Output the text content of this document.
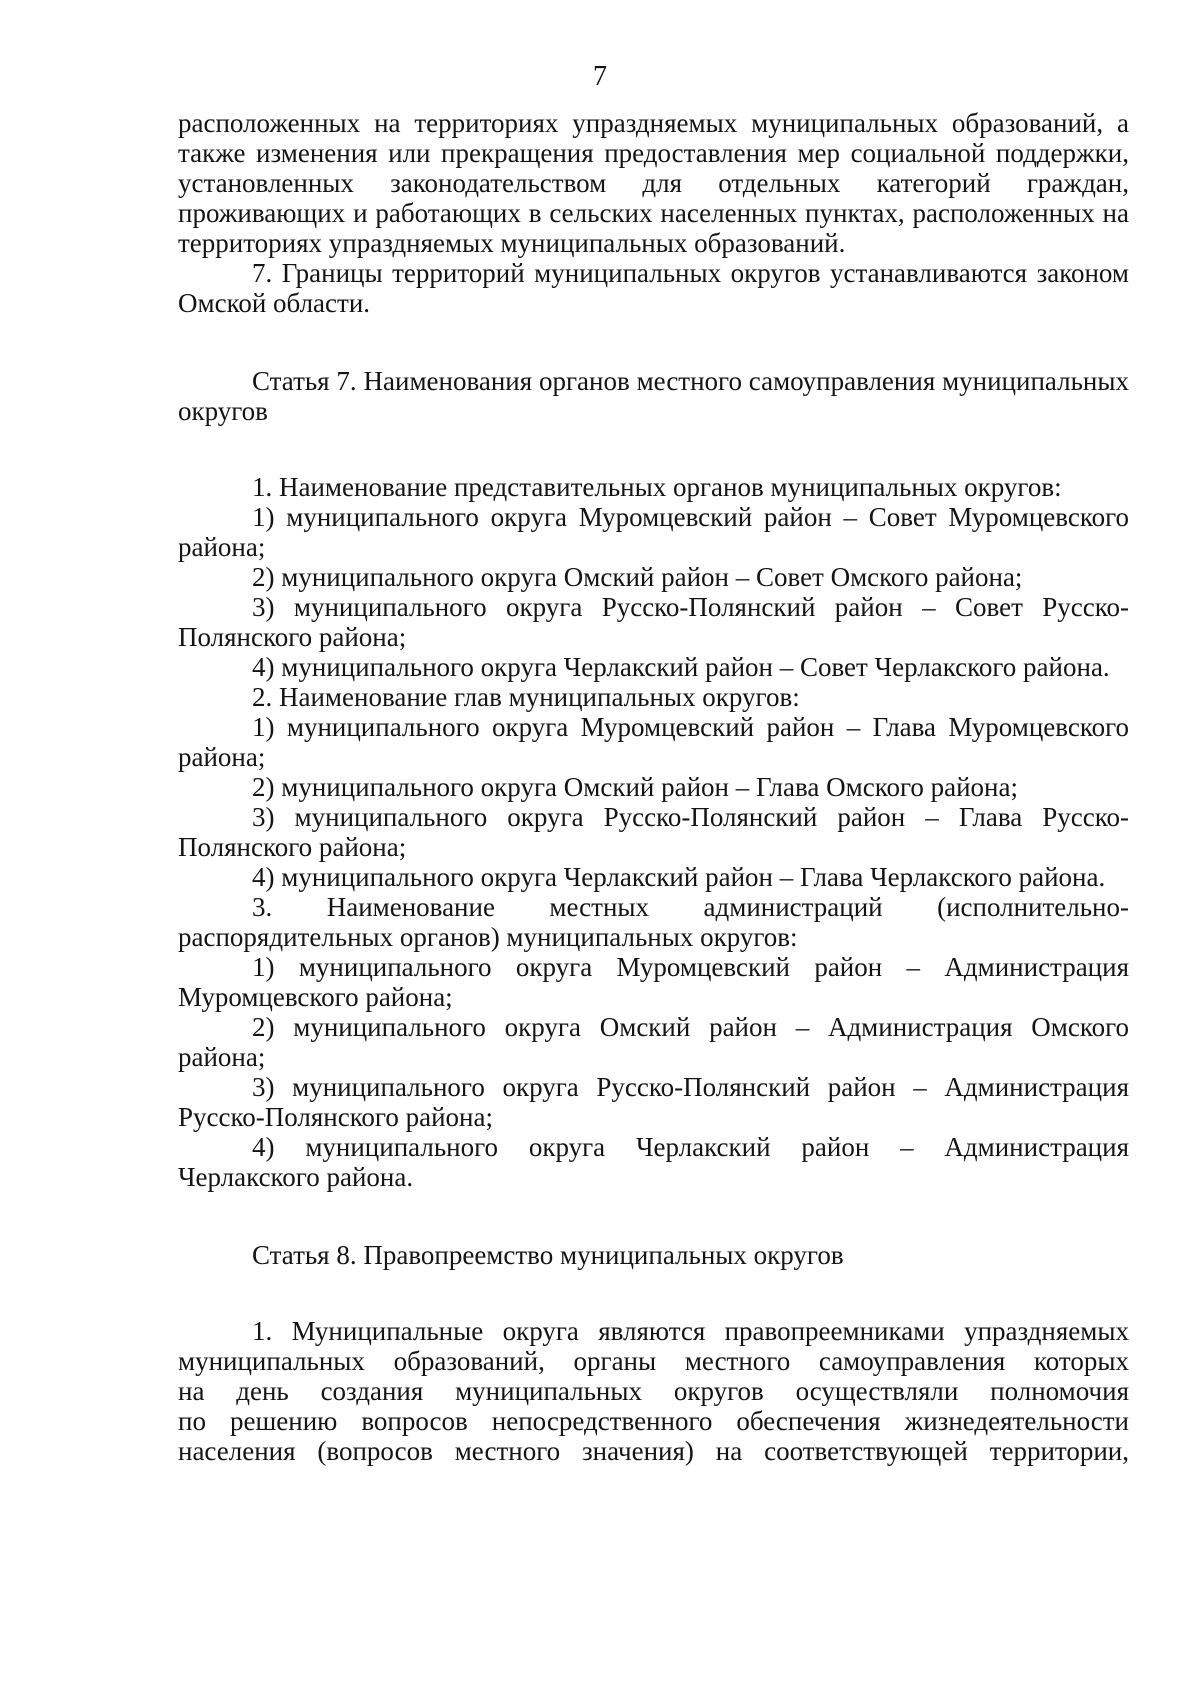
7

расположенных на территориях упраздняемых муниципальных образований, а также изменения или прекращения предоставления мер социальной поддержки, установленных законодательством для отдельных категорий граждан, проживающих и работающих в сельских населенных пунктах, расположенных на территориях упраздняемых муниципальных образований.

7. Границы территорий муниципальных округов устанавливаются законом Омской области.

Статья 7. Наименования органов местного самоуправления муниципальных округов

1. Наименование представительных органов муниципальных округов:

1) муниципального округа Муромцевский район – Совет Муромцевского района;

2) муниципального округа Омский район – Совет Омского района;

3) муниципального округа Русско-Полянский район – Совет Русско-Полянского района;

4) муниципального округа Черлакский район – Совет Черлакского района.

2. Наименование глав муниципальных округов:

1) муниципального округа Муромцевский район – Глава Муромцевского района;

2) муниципального округа Омский район – Глава Омского района;

3) муниципального округа Русско-Полянский район – Глава Русско-Полянского района;

4) муниципального округа Черлакский район – Глава Черлакского района.

3. Наименование местных администраций (исполнительно-распорядительных органов) муниципальных округов:

1) муниципального округа Муромцевский район – Администрация Муромцевского района;

2) муниципального округа Омский район – Администрация Омского района;

3) муниципального округа Русско-Полянский район – Администрация Русско-Полянского района;

4) муниципального округа Черлакский район – Администрация Черлакского района.

Статья 8. Правопреемство муниципальных округов

1. Муниципальные округа являются правопреемниками упраздняемых

муниципальных образований, органы местного самоуправления которых

на день создания муниципальных округов осуществляли полномочия

по решению вопросов непосредственного обеспечения жизнедеятельности

населения (вопросов местного значения) на соответствующей территории,
